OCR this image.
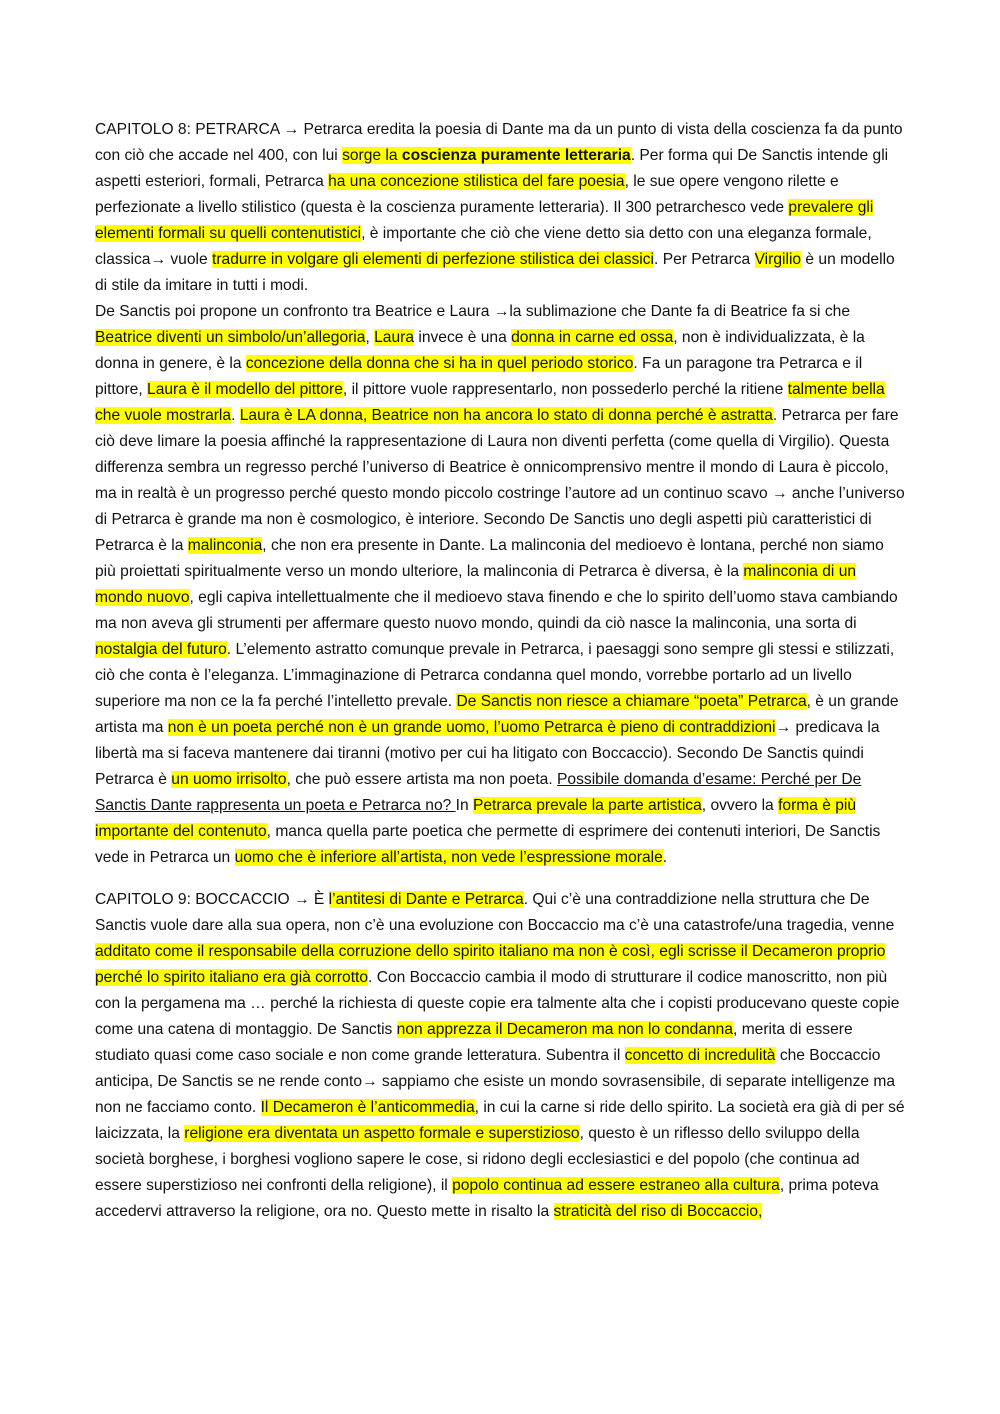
CAPITOLO 8: PETRARCA → Petrarca eredita la poesia di Dante ma da un punto di vista della coscienza fa da punto con ciò che accade nel 400, con lui sorge la coscienza puramente letteraria. Per forma qui De Sanctis intende gli aspetti esteriori, formali, Petrarca ha una concezione stilistica del fare poesia, le sue opere vengono rilette e perfezionate a livello stilistico (questa è la coscienza puramente letteraria). Il 300 petrarchesco vede prevalere gli elementi formali su quelli contenutistici, è importante che ciò che viene detto sia detto con una eleganza formale, classica→ vuole tradurre in volgare gli elementi di perfezione stilistica dei classici. Per Petrarca Virgilio è un modello di stile da imitare in tutti i modi.

De Sanctis poi propone un confronto tra Beatrice e Laura →la sublimazione che Dante fa di Beatrice fa si che Beatrice diventi un simbolo/un’allegoria, Laura invece è una donna in carne ed ossa, non è individualizzata, è la donna in genere, è la concezione della donna che si ha in quel periodo storico. Fa un paragone tra Petrarca e il pittore, Laura è il modello del pittore, il pittore vuole rappresentarlo, non possederlo perché la ritiene talmente bella che vuole mostrarla. Laura è LA donna, Beatrice non ha ancora lo stato di donna perché è astratta. Petrarca per fare ciò deve limare la poesia affinché la rappresentazione di Laura non diventi perfetta (come quella di Virgilio). Questa differenza sembra un regresso perché l’universo di Beatrice è onnicomprensivo mentre il mondo di Laura è piccolo, ma in realtà è un progresso perché questo mondo piccolo costringe l’autore ad un continuo scavo → anche l’universo di Petrarca è grande ma non è cosmologico, è interiore. Secondo De Sanctis uno degli aspetti più caratteristici di Petrarca è la malinconia, che non era presente in Dante. La malinconia del medioevo è lontana, perché non siamo più proiettati spiritualmente verso un mondo ulteriore, la malinconia di Petrarca è diversa, è la malinconia di un mondo nuovo, egli capiva intellettualmente che il medioevo stava finendo e che lo spirito dell’uomo stava cambiando ma non aveva gli strumenti per affermare questo nuovo mondo, quindi da ciò nasce la malinconia, una sorta di nostalgia del futuro. L’elemento astratto comunque prevale in Petrarca, i paesaggi sono sempre gli stessi e stilizzati, ciò che conta è l’eleganza. L’immaginazione di Petrarca condanna quel mondo, vorrebbe portarlo ad un livello superiore ma non ce la fa perché l’intelletto prevale. De Sanctis non riesce a chiamare “poeta” Petrarca, è un grande artista ma non è un poeta perché non è un grande uomo, l’uomo Petrarca è pieno di contraddizioni→ predicava la libertà ma si faceva mantenere dai tiranni (motivo per cui ha litigato con Boccaccio). Secondo De Sanctis quindi Petrarca è un uomo irrisolto, che può essere artista ma non poeta. Possibile domanda d’esame: Perché per De Sanctis Dante rappresenta un poeta e Petrarca no? In Petrarca prevale la parte artistica, ovvero la forma è più importante del contenuto, manca quella parte poetica che permette di esprimere dei contenuti interiori, De Sanctis vede in Petrarca un uomo che è inferiore all’artista, non vede l’espressione morale.

CAPITOLO 9: BOCCACCIO → È l’antitesi di Dante e Petrarca. Qui c’è una contraddizione nella struttura che De Sanctis vuole dare alla sua opera, non c’è una evoluzione con Boccaccio ma c’è una catastrofe/una tragedia, venne additato come il responsabile della corruzione dello spirito italiano ma non è così, egli scrisse il Decameron proprio perché lo spirito italiano era già corrotto. Con Boccaccio cambia il modo di strutturare il codice manoscritto, non più con la pergamena ma … perché la richiesta di queste copie era talmente alta che i copisti producevano queste copie come una catena di montaggio. De Sanctis non apprezza il Decameron ma non lo condanna, merita di essere studiato quasi come caso sociale e non come grande letteratura. Subentra il concetto di incredulità che Boccaccio anticipa, De Sanctis se ne rende conto→ sappiamo che esiste un mondo sovrasensibile, di separate intelligenze ma non ne facciamo conto. Il Decameron è l’anticommedia, in cui la carne si ride dello spirito. La società era già di per sé laicizzata, la religione era diventata un aspetto formale e superstizioso, questo è un riflesso dello sviluppo della società borghese, i borghesi vogliono sapere le cose, si ridono degli ecclesiastici e del popolo (che continua ad essere superstizioso nei confronti della religione), il popolo continua ad essere estraneo alla cultura, prima poteva accedervi attraverso la religione, ora no. Questo mette in risalto la straticità del riso di Boccaccio,
